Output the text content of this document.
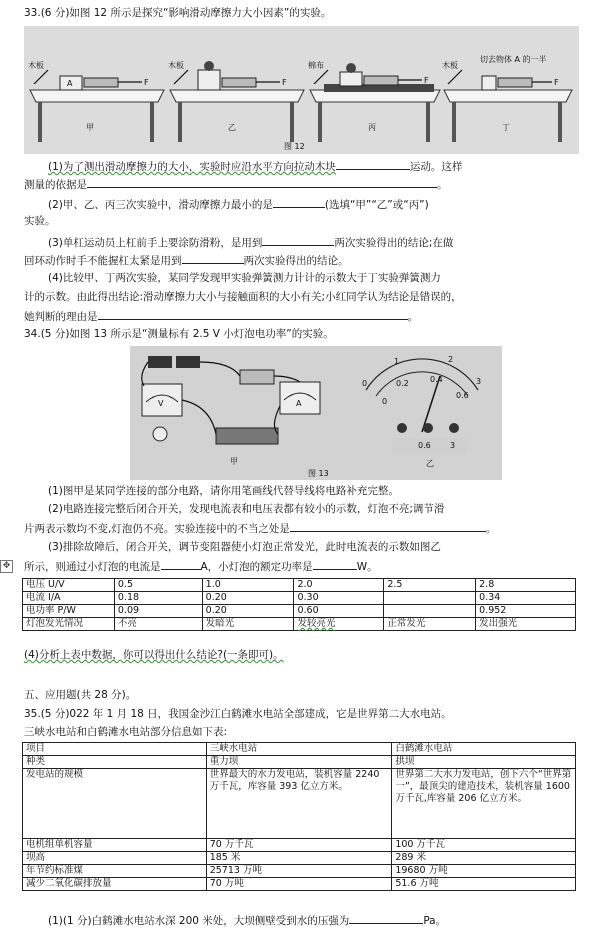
33.(6 分)如图 12 所示是探究“影响滑动摩擦力大小因素”的实验。
木板	木板	棉布	木板
切去物体 A 的一半
A	F	F	F	F
甲	乙	丙	丁
图 12
(1)为了测出滑动摩擦力的大小，实验时应沿水平方向拉动木块	运动。这样
测量的依据是	。
(2)甲、乙、丙三次实验中，滑动摩擦力最小的是	(选填“甲”“乙”或“丙”)
实验。
(3)单杠运动员上杠前手上要涂防滑粉，是用到	两次实验得出的结论;在做
回环动作时手不能握杠太紧是用到	两次实验得出的结论。
(4)比较甲、丁两次实验，某同学发现甲实验弹簧测力计计的示数大于丁实验弹簧测力
计的示数。由此得出结论:滑动摩擦力大小与接触面积的大小有关;小红同学认为结论是错误的，
她判断的理由是	。
34.(5 分)如图 13 所示是“测量标有 2.5 V 小灯泡电功率”的实验。
V	A
0
1	2
3
0
0.2	0.4
0.6
0.6 3
甲	乙
图 13
(1)图甲是某同学连接的部分电路，请你用笔画线代替导线将电路补充完整。
(2)电路连接完整后闭合开关，发现电流表和电压表都有较小的示数，灯泡不亮;调节滑
片两表示数均不变,灯泡仍不亮。实验连接中的不当之处是	。
(3)排除故障后，闭合开关，调节变阻器使小灯泡正常发光，此时电流表的示数如图乙
✥ 所示，则通过小灯泡的电流是	A，小灯泡的额定功率是	W。
电压 U/V	0.5	1.0	2.0	2.5	2.8
电流 I/A	0.18	0.20	0.30		0.34
电功率 P/W	0.09	0.20	0.60		0.952
灯泡发光情况	不亮	发暗光	发较亮光	正常发光	发出强光
(4)分析上表中数据，你可以得出什么结论?(一条即可)。
五、应用题(共 28 分)。
35.(5 分)022 年 1 月 18 日，我国金沙江白鹤滩水电站全部建成，它是世界第二大水电站。
三峡水电站和白鹤滩水电站部分信息如下表:
项目	三峡水电站	白鹤滩水电站
种类	重力坝	拱坝
发电站的规模	世界最大的水力发电站，装机容量 2240 万千瓦，库容量 393 亿立方米。	世界第二大水力发电站，创下六个“世界第一”，最顶尖的建造技术，装机容量 1600 万千瓦,库容量 206 亿立方米。
电机组单机容量	70 万千瓦	100 万千瓦
坝高	185 米	289 米
年节约标准煤	25713 万吨	19680 万吨
减少二氧化碳排放量	70 万吨	51.6 万吨
(1)(1 分)白鹤滩水电站水深 200 米处，大坝侧壁受到水的压强为	Pa。
